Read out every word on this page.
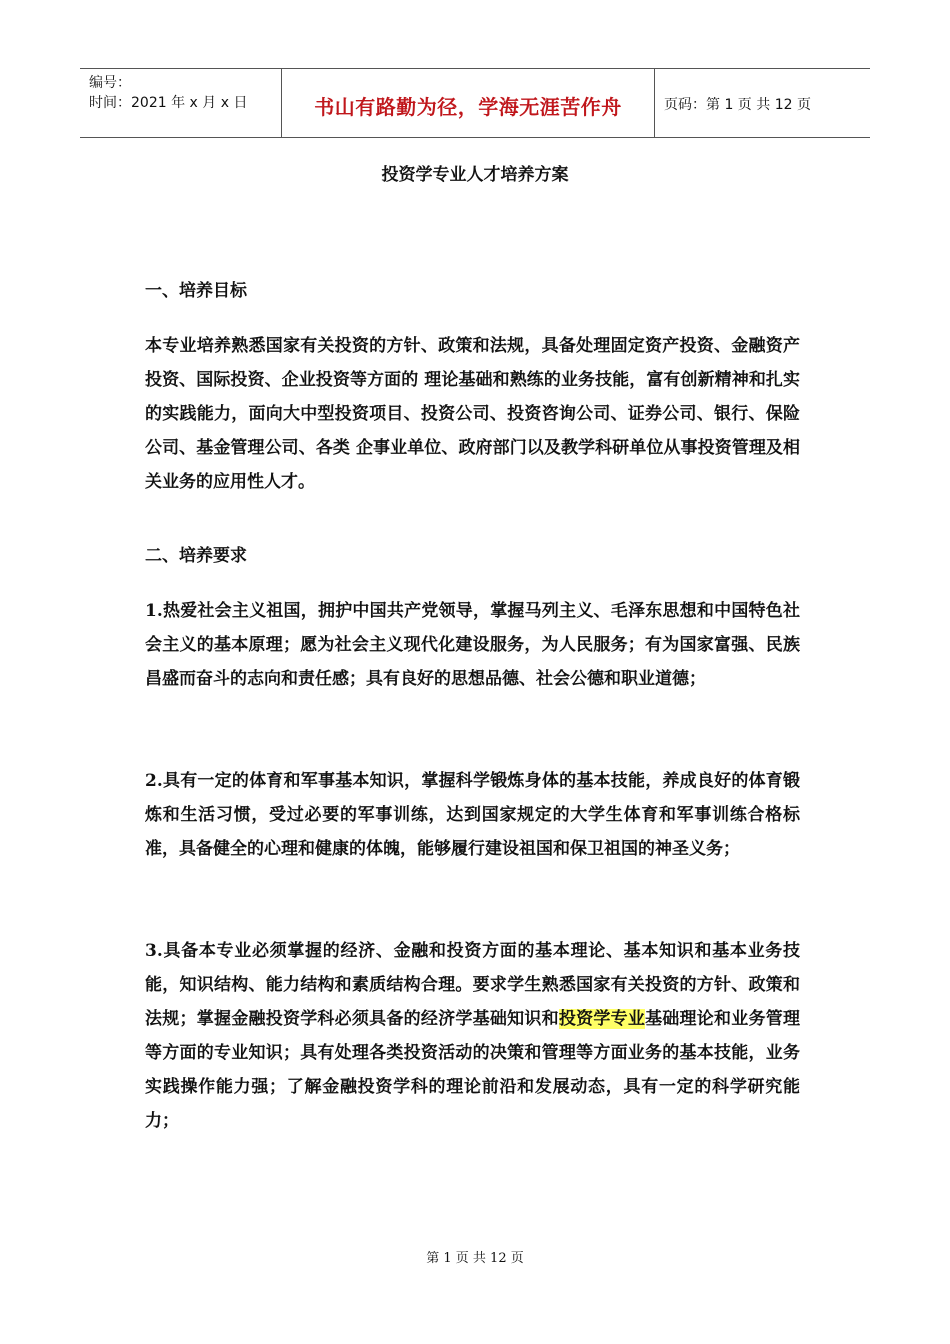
编号：
时间：2021 年 x 月 x 日	书山有路勤为径，学海无涯苦作舟	页码：第 1 页 共 12 页
投资学专业人才培养方案
一、培养目标
本专业培养熟悉国家有关投资的方针、政策和法规，具备处理固定资产投资、金融资产投资、国际投资、企业投资等方面的 理论基础和熟练的业务技能，富有创新精神和扎实的实践能力，面向大中型投资项目、投资公司、投资咨询公司、证券公司、银行、保险公司、基金管理公司、各类 企事业单位、政府部门以及教学科研单位从事投资管理及相关业务的应用性人才。
二、培养要求
1.热爱社会主义祖国，拥护中国共产党领导，掌握马列主义、毛泽东思想和中国特色社会主义的基本原理；愿为社会主义现代化建设服务，为人民服务；有为国家富强、民族昌盛而奋斗的志向和责任感；具有良好的思想品德、社会公德和职业道德；
2.具有一定的体育和军事基本知识，掌握科学锻炼身体的基本技能，养成良好的体育锻炼和生活习惯，受过必要的军事训练，达到国家规定的大学生体育和军事训练合格标准，具备健全的心理和健康的体魄，能够履行建设祖国和保卫祖国的神圣义务；
3.具备本专业必须掌握的经济、金融和投资方面的基本理论、基本知识和基本业务技能，知识结构、能力结构和素质结构合理。要求学生熟悉国家有关投资的方针、政策和法规；掌握金融投资学科必须具备的经济学基础知识和投资学专业基础理论和业务管理等方面的专业知识；具有处理各类投资活动的决策和管理等方面业务的基本技能，业务实践操作能力强；了解金融投资学科的理论前沿和发展动态，具有一定的科学研究能力；
第 1 页 共 12 页
